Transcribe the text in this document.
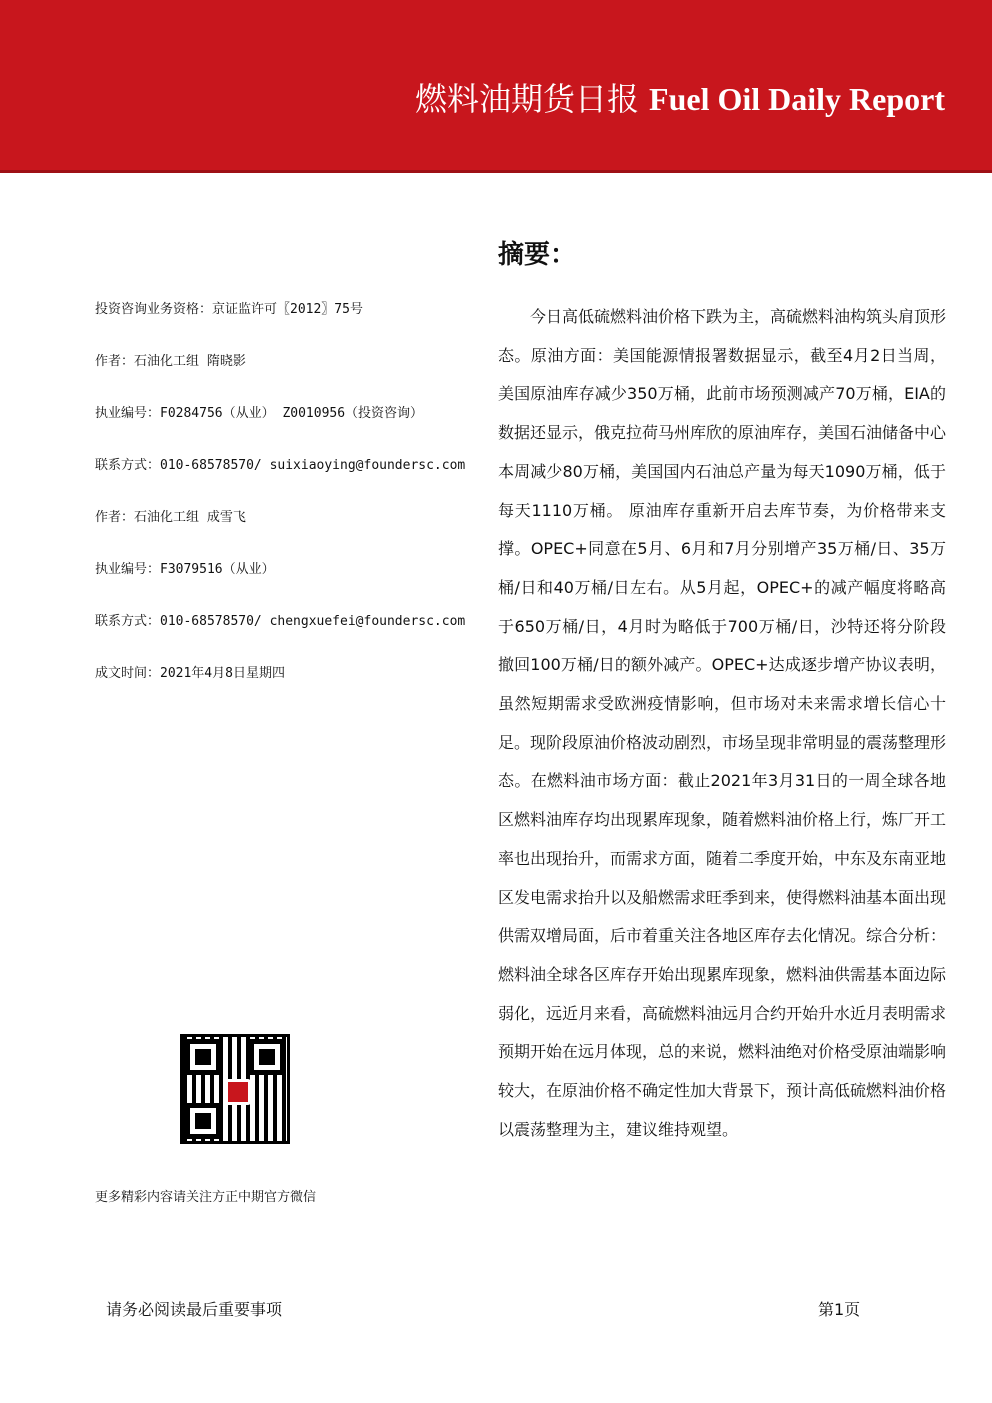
燃料油期货日报 Fuel Oil Daily Report
投资咨询业务资格：京证监许可〖2012〗75号
作者：石油化工组 隋晓影
执业编号：F0284756（从业） Z0010956（投资咨询）
联系方式：010-68578570/ suixiaoying@foundersc.com
作者：石油化工组 成雪飞
执业编号：F3079516（从业）
联系方式：010-68578570/ chengxuefei@foundersc.com
成文时间：2021年4月8日星期四
摘要：
今日高低硫燃料油价格下跌为主，高硫燃料油构筑头肩顶形态。原油方面：美国能源情报署数据显示，截至4月2日当周，美国原油库存减少350万桶，此前市场预测减产70万桶，EIA的数据还显示，俄克拉荷马州库欣的原油库存，美国石油储备中心本周减少80万桶，美国国内石油总产量为每天1090万桶，低于每天1110万桶。 原油库存重新开启去库节奏，为价格带来支撑。OPEC+同意在5月、6月和7月分别增产35万桶/日、35万桶/日和40万桶/日左右。从5月起，OPEC+的减产幅度将略高于650万桶/日，4月时为略低于700万桶/日，沙特还将分阶段撤回100万桶/日的额外减产。OPEC+达成逐步增产协议表明，虽然短期需求受欧洲疫情影响，但市场对未来需求增长信心十足。现阶段原油价格波动剧烈，市场呈现非常明显的震荡整理形态。在燃料油市场方面：截止2021年3月31日的一周全球各地区燃料油库存均出现累库现象，随着燃料油价格上行，炼厂开工率也出现抬升，而需求方面，随着二季度开始，中东及东南亚地区发电需求抬升以及船燃需求旺季到来，使得燃料油基本面出现供需双增局面，后市着重关注各地区库存去化情况。综合分析：燃料油全球各区库存开始出现累库现象，燃料油供需基本面边际弱化，远近月来看，高硫燃料油远月合约开始升水近月表明需求预期开始在远月体现，总的来说，燃料油绝对价格受原油端影响较大，在原油价格不确定性加大背景下，预计高低硫燃料油价格以震荡整理为主，建议维持观望。
更多精彩内容请关注方正中期官方微信
请务必阅读最后重要事项	第1页
